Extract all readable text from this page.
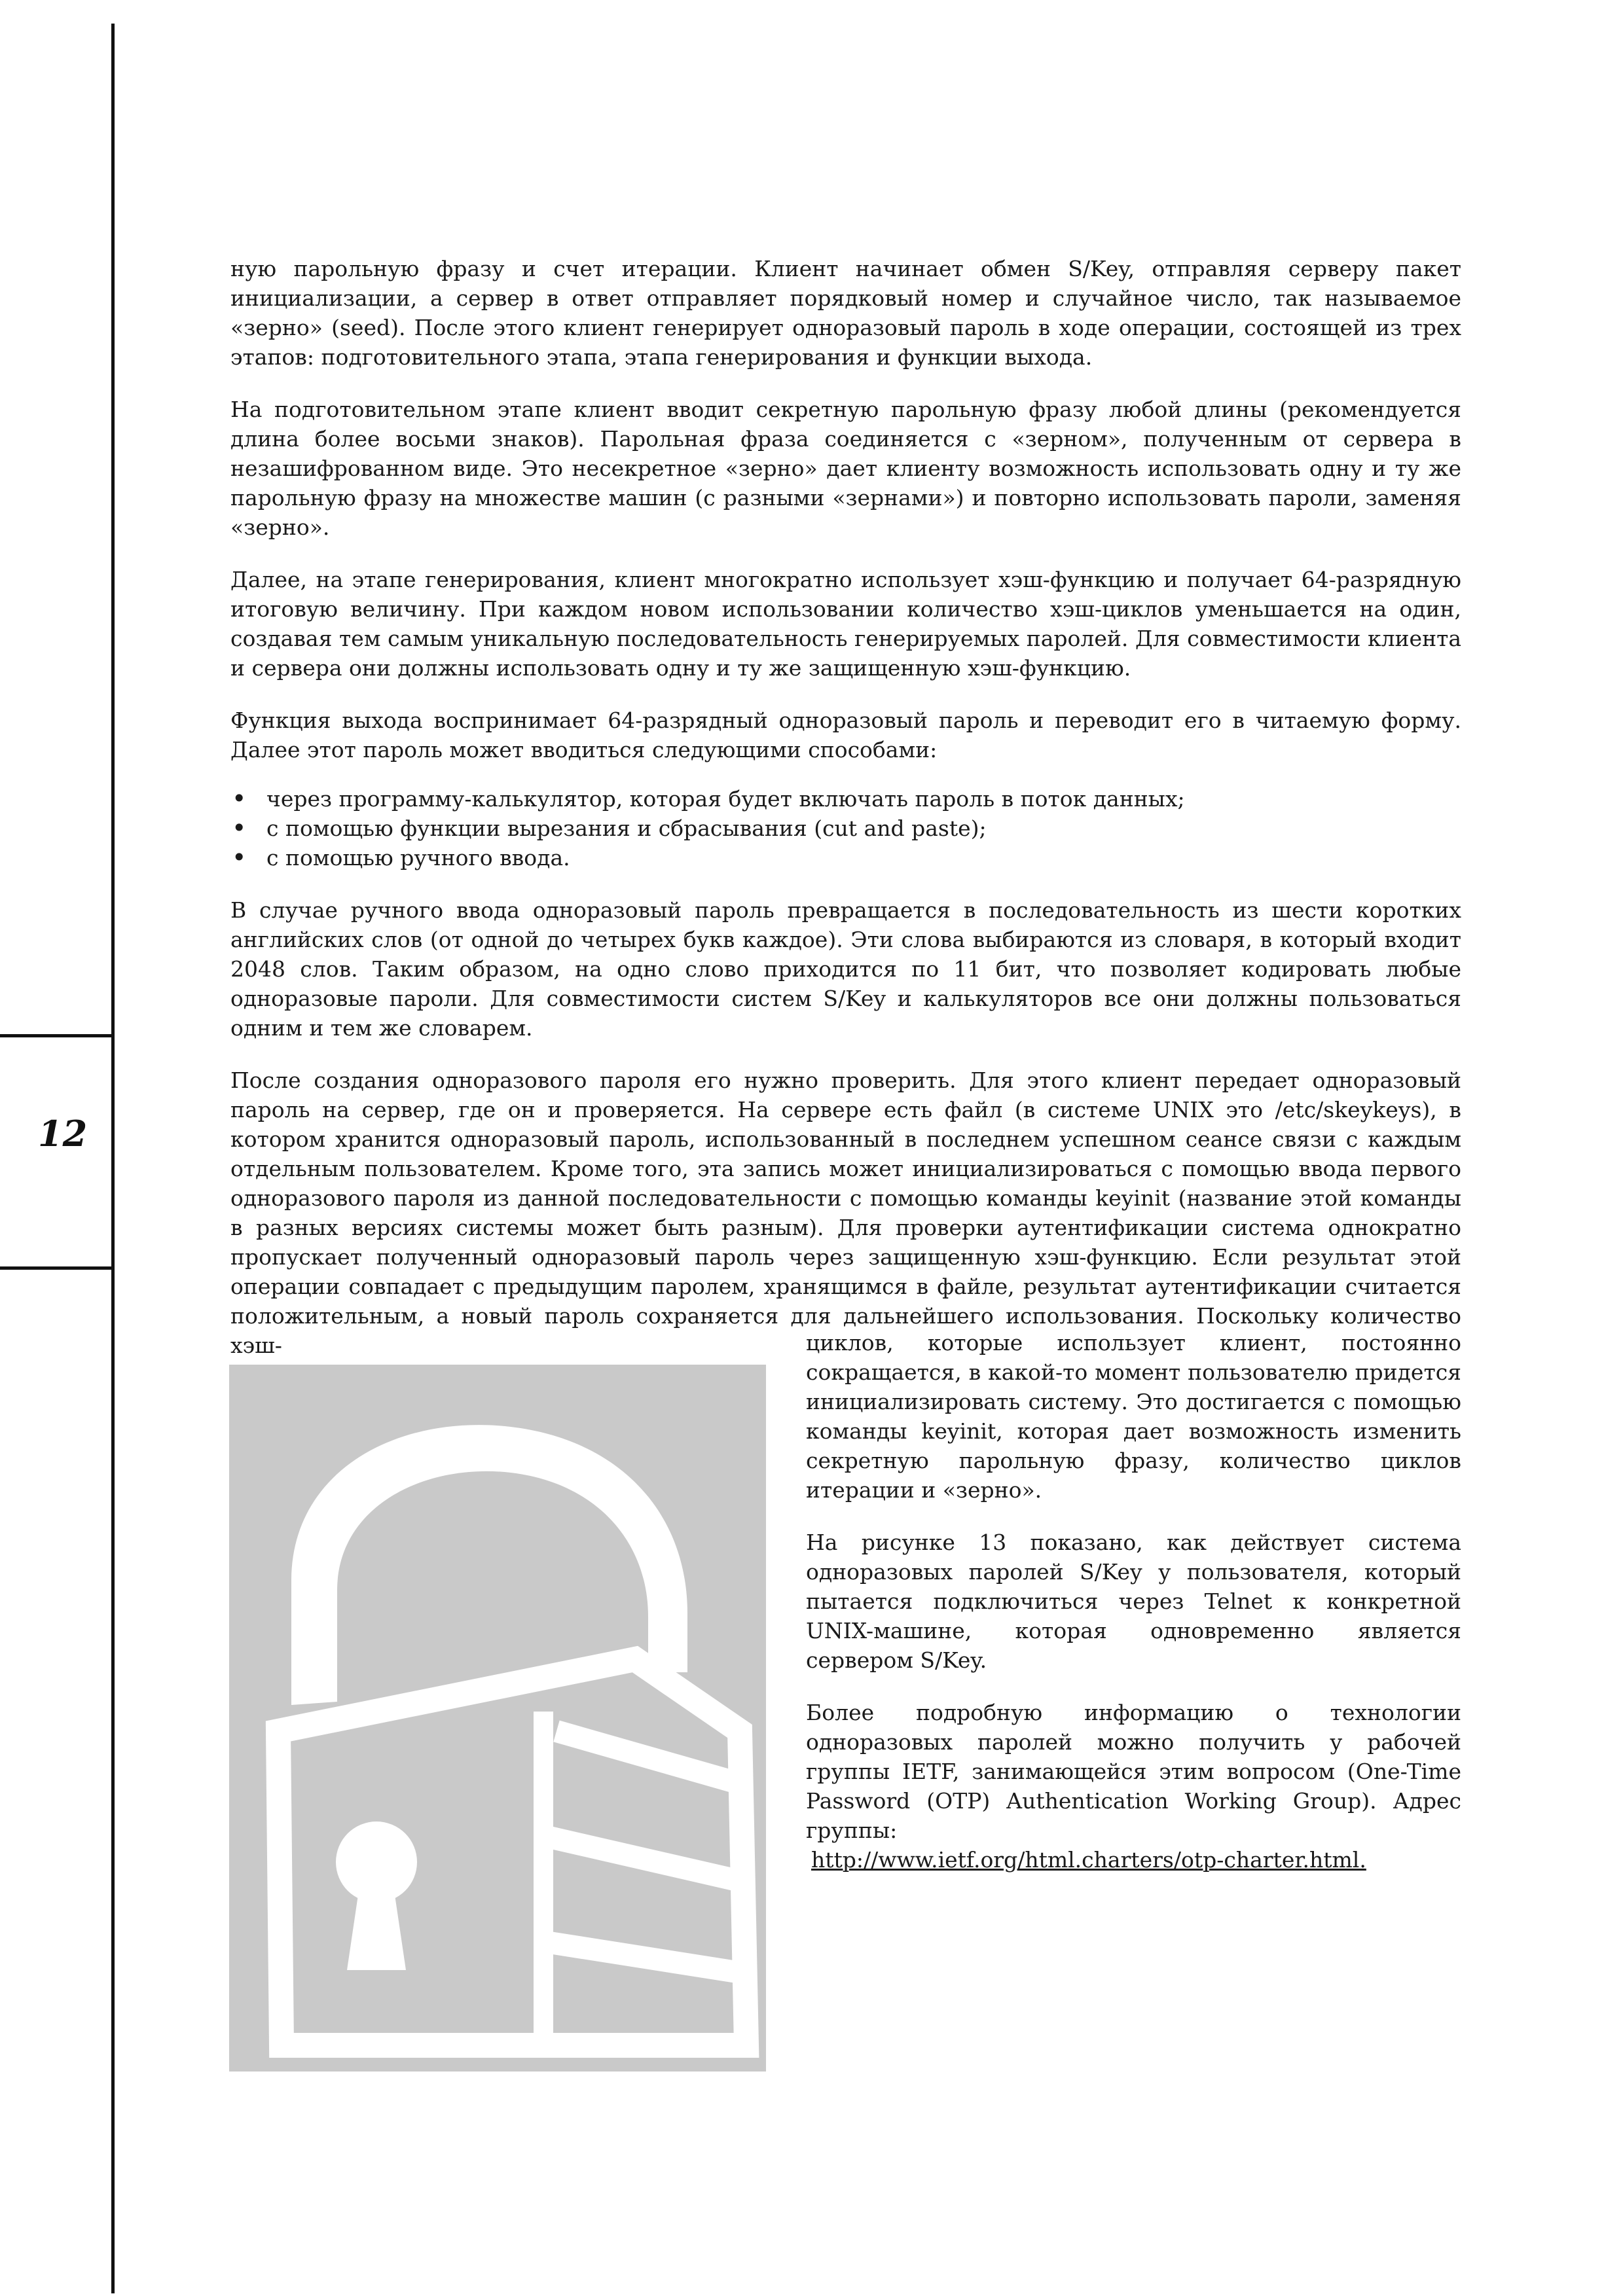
12

ную парольную фразу и счет итерации. Клиент начинает обмен S/Key, отправляя серверу пакет инициализации, а сервер в ответ отправляет порядковый номер и случайное число, так называемое «зерно» (seed). После этого клиент генерирует одноразовый пароль в ходе операции, состоящей из трех этапов: подготовительного этапа, этапа генерирования и функции выхода.

На подготовительном этапе клиент вводит секретную парольную фразу любой длины (рекомендуется длина более восьми знаков). Парольная фраза соединяется с «зерном», полученным от сервера в незашифрованном виде. Это несекретное «зерно» дает клиенту возможность использовать одну и ту же парольную фразу на множестве машин (с разными «зернами») и повторно использовать пароли, заменяя «зерно».

Далее, на этапе генерирования, клиент многократно использует хэш-функцию и получает 64-разрядную итоговую величину. При каждом новом использовании количество хэш-циклов уменьшается на один, создавая тем самым уникальную последовательность генерируемых паролей. Для совместимости клиента и сервера они должны использовать одну и ту же защищенную хэш-функцию.

Функция выхода воспринимает 64-разрядный одноразовый пароль и переводит его в читаемую форму. Далее этот пароль может вводиться следующими способами:

• через программу-калькулятор, которая будет включать пароль в поток данных;
• с помощью функции вырезания и сбрасывания (cut and paste);
• с помощью ручного ввода.

В случае ручного ввода одноразовый пароль превращается в последовательность из шести коротких английских слов (от одной до четырех букв каждое). Эти слова выбираются из словаря, в который входит 2048 слов. Таким образом, на одно слово приходится по 11 бит, что позволяет кодировать любые одноразовые пароли. Для совместимости систем S/Key и калькуляторов все они должны пользоваться одним и тем же словарем.

После создания одноразового пароля его нужно проверить. Для этого клиент передает одноразовый пароль на сервер, где он и проверяется. На сервере есть файл (в системе UNIX это /etc/skeykeys), в котором хранится одноразовый пароль, использованный в последнем успешном сеансе связи с каждым отдельным пользователем. Кроме того, эта запись может инициализироваться с помощью ввода первого одноразового пароля из данной последовательности с помощью команды keyinit (название этой команды в разных версиях системы может быть разным). Для проверки аутентификации система однократно пропускает полученный одноразовый пароль через защищенную хэш-функцию. Если результат этой операции совпадает с предыдущим паролем, хранящимся в файле, результат аутентификации считается положительным, а новый пароль сохраняется для дальнейшего использования. Поскольку количество хэш-	циклов, которые использует клиент, постоянно сокращается, в какой-то момент пользователю придется инициализировать систему. Это достигается с помощью команды keyinit, которая дает возможность изменить секретную парольную фразу, количество циклов итерации и «зерно».

На рисунке 13 показано, как действует система одноразовых паролей S/Key у пользователя, который пытается подключиться через Telnet к конкретной UNIX-машине, которая одновременно является сервером S/Key.

Более подробную информацию о технологии одноразовых паролей можно получить у рабочей группы IETF, занимающейся этим вопросом (One-Time Password (OTP) Authentication Working Group). Адрес группы:

http://www.ietf.org/html.charters/otp-charter.html.
